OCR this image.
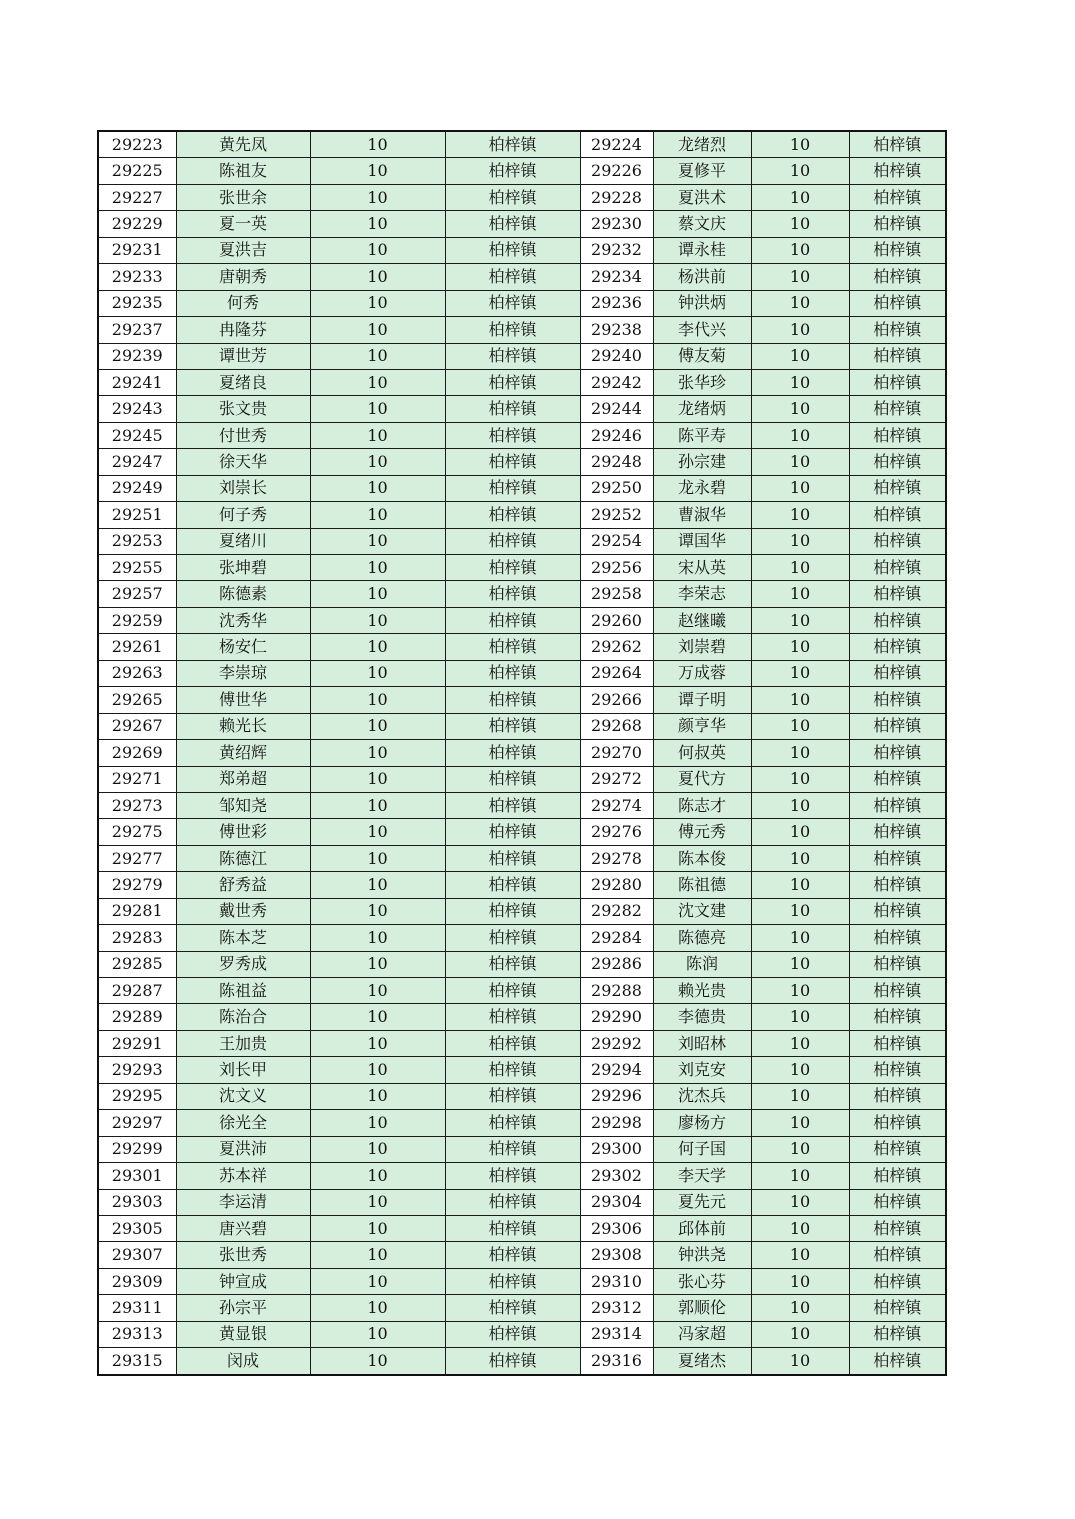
29223	黄先凤	10	柏梓镇	29224	龙绪烈	10	柏梓镇
29225	陈祖友	10	柏梓镇	29226	夏修平	10	柏梓镇
29227	张世余	10	柏梓镇	29228	夏洪术	10	柏梓镇
29229	夏一英	10	柏梓镇	29230	蔡文庆	10	柏梓镇
29231	夏洪吉	10	柏梓镇	29232	谭永桂	10	柏梓镇
29233	唐朝秀	10	柏梓镇	29234	杨洪前	10	柏梓镇
29235	何秀	10	柏梓镇	29236	钟洪炳	10	柏梓镇
29237	冉隆芬	10	柏梓镇	29238	李代兴	10	柏梓镇
29239	谭世芳	10	柏梓镇	29240	傅友菊	10	柏梓镇
29241	夏绪良	10	柏梓镇	29242	张华珍	10	柏梓镇
29243	张文贵	10	柏梓镇	29244	龙绪炳	10	柏梓镇
29245	付世秀	10	柏梓镇	29246	陈平寿	10	柏梓镇
29247	徐天华	10	柏梓镇	29248	孙宗建	10	柏梓镇
29249	刘崇长	10	柏梓镇	29250	龙永碧	10	柏梓镇
29251	何子秀	10	柏梓镇	29252	曹淑华	10	柏梓镇
29253	夏绪川	10	柏梓镇	29254	谭国华	10	柏梓镇
29255	张坤碧	10	柏梓镇	29256	宋从英	10	柏梓镇
29257	陈德素	10	柏梓镇	29258	李荣志	10	柏梓镇
29259	沈秀华	10	柏梓镇	29260	赵继曦	10	柏梓镇
29261	杨安仁	10	柏梓镇	29262	刘崇碧	10	柏梓镇
29263	李崇琼	10	柏梓镇	29264	万成蓉	10	柏梓镇
29265	傅世华	10	柏梓镇	29266	谭子明	10	柏梓镇
29267	赖光长	10	柏梓镇	29268	颜亨华	10	柏梓镇
29269	黄绍辉	10	柏梓镇	29270	何叔英	10	柏梓镇
29271	郑弟超	10	柏梓镇	29272	夏代方	10	柏梓镇
29273	邹知尧	10	柏梓镇	29274	陈志才	10	柏梓镇
29275	傅世彩	10	柏梓镇	29276	傅元秀	10	柏梓镇
29277	陈德江	10	柏梓镇	29278	陈本俊	10	柏梓镇
29279	舒秀益	10	柏梓镇	29280	陈祖德	10	柏梓镇
29281	戴世秀	10	柏梓镇	29282	沈文建	10	柏梓镇
29283	陈本芝	10	柏梓镇	29284	陈德亮	10	柏梓镇
29285	罗秀成	10	柏梓镇	29286	陈润	10	柏梓镇
29287	陈祖益	10	柏梓镇	29288	赖光贵	10	柏梓镇
29289	陈治合	10	柏梓镇	29290	李德贵	10	柏梓镇
29291	王加贵	10	柏梓镇	29292	刘昭林	10	柏梓镇
29293	刘长甲	10	柏梓镇	29294	刘克安	10	柏梓镇
29295	沈文义	10	柏梓镇	29296	沈杰兵	10	柏梓镇
29297	徐光全	10	柏梓镇	29298	廖杨方	10	柏梓镇
29299	夏洪沛	10	柏梓镇	29300	何子国	10	柏梓镇
29301	苏本祥	10	柏梓镇	29302	李天学	10	柏梓镇
29303	李运清	10	柏梓镇	29304	夏先元	10	柏梓镇
29305	唐兴碧	10	柏梓镇	29306	邱体前	10	柏梓镇
29307	张世秀	10	柏梓镇	29308	钟洪尧	10	柏梓镇
29309	钟宣成	10	柏梓镇	29310	张心芬	10	柏梓镇
29311	孙宗平	10	柏梓镇	29312	郭顺伦	10	柏梓镇
29313	黄显银	10	柏梓镇	29314	冯家超	10	柏梓镇
29315	闵成	10	柏梓镇	29316	夏绪杰	10	柏梓镇
